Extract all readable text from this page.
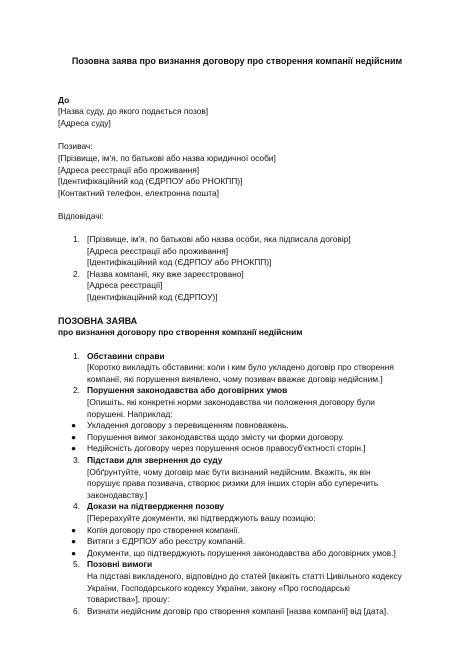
Позовна заява про визнання договору про створення компанії недійсним
До
[Назва суду, до якого подається позов]
[Адреса суду]
Позивач:
[Прізвище, ім'я, по батькові або назва юридичної особи]
[Адреса реєстрації або проживання]
[Ідентифікаційний код (ЄДРПОУ або РНОКПП)]
[Контактний телефон, електронна пошта]
Відповідачі:
1. [Прізвище, ім'я, по батькові або назва особи, яка підписала договір]
[Адреса реєстрації або проживання]
[Ідентифікаційний код (ЄДРПОУ або РНОКПП)]
2. [Назва компанії, яку вже зареєстровано]
[Адреса реєстрації]
[Ідентифікаційний код (ЄДРПОУ)]
ПОЗОВНА ЗАЯВА
про визнання договору про створення компанії недійсним
1. Обставини справи
[Коротко викладіть обставини: коли і ким було укладено договір про створення
компанії, які порушення виявлено, чому позивач вважає договір недійсним.]
2. Порушення законодавства або договірних умов
[Опишіть, які конкретні норми законодавства чи положення договору були
порушені. Наприклад:
● Укладення договору з перевищенням повноважень.
● Порушення вимог законодавства щодо змісту чи форми договору.
● Недійсність договору через порушення основ правосуб'єктності сторін.]
3. Підстави для звернення до суду
[Обґрунтуйте, чому договір має бути визнаний недійсним. Вкажіть, як він
порушує права позивача, створює ризики для інших сторін або суперечить
законодавству.]
4. Докази на підтвердження позову
[Перерахуйте документи, які підтверджують вашу позицію:
● Копія договору про створення компанії.
● Витяги з ЄДРПОУ або реєстру компаній.
● Документи, що підтверджують порушення законодавства або договірних умов.]
5. Позовні вимоги
На підставі викладеного, відповідно до статей [вкажіть статті Цивільного кодексу
України, Господарського кодексу України, закону «Про господарські
товариства»], прошу:
6. Визнати недійсним договір про створення компанії [назва компанії] від [дата].
